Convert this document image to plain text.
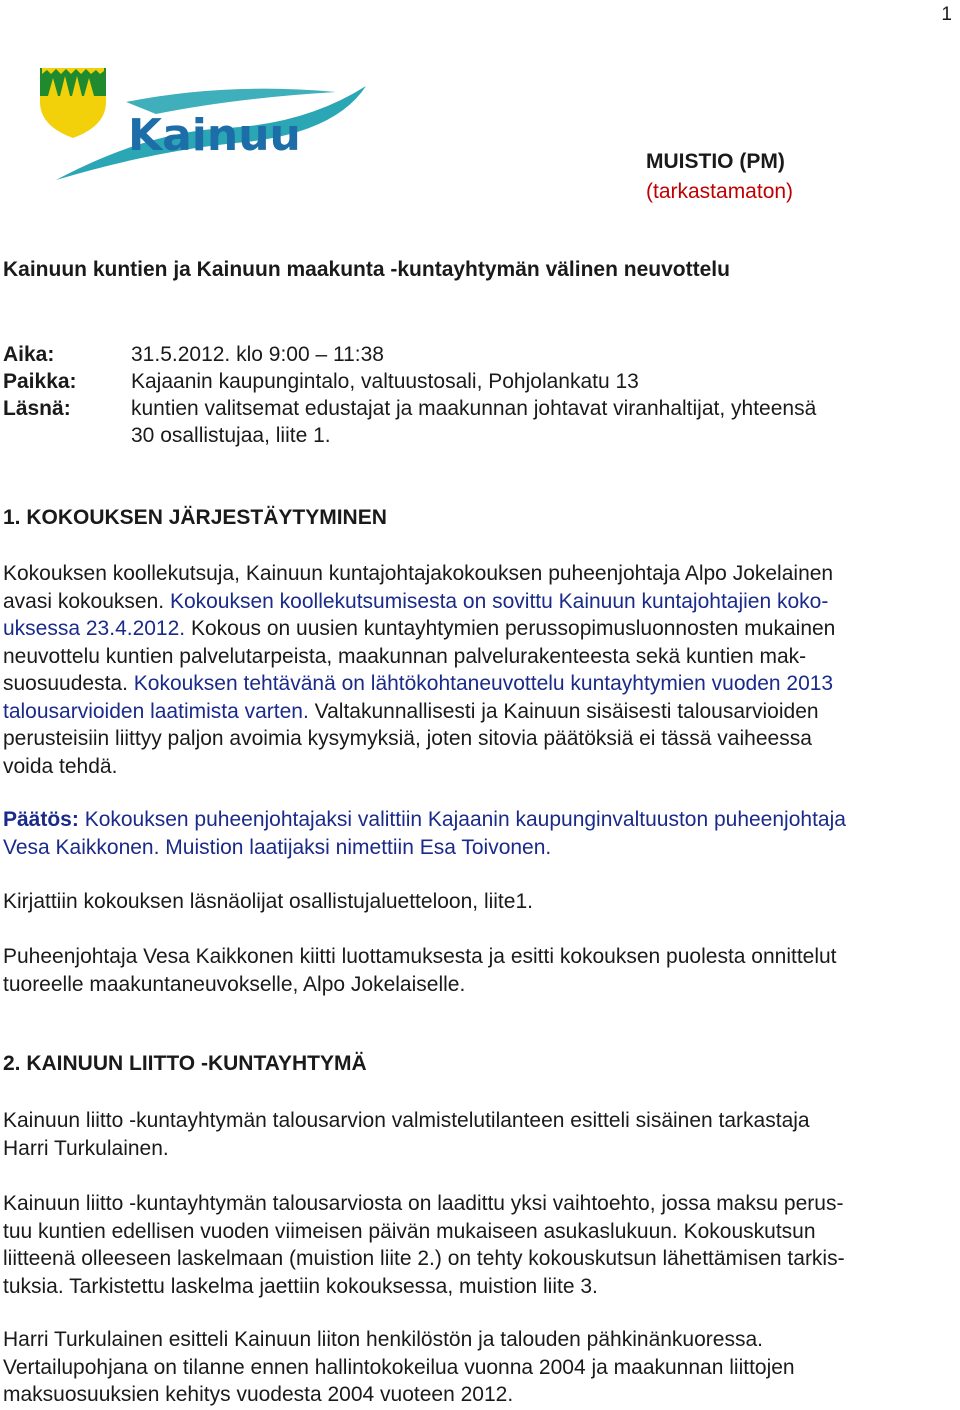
1
Kainuu
MUISTIO (PM)
(tarkastamaton)
Kainuun kuntien ja Kainuun maakunta -kuntayhtymän välinen neuvottelu
Aika:	31.5.2012. klo 9:00 – 11:38
Paikka:	Kajaanin kaupungintalo, valtuustosali, Pohjolankatu 13
Läsnä:	kuntien valitsemat edustajat ja maakunnan johtavat viranhaltijat, yhteensä 30 osallistujaa, liite 1.
1. KOKOUKSEN JÄRJESTÄYTYMINEN
Kokouksen koollekutsuja, Kainuun kuntajohtajakokouksen puheenjohtaja Alpo Jokelainen
avasi kokouksen. Kokouksen koollekutsumisesta on sovittu Kainuun kuntajohtajien koko-
uksessa 23.4.2012. Kokous on uusien kuntayhtymien perussopimusluonnosten mukainen
neuvottelu kuntien palvelutarpeista, maakunnan palvelurakenteesta sekä kuntien mak-
suosuudesta. Kokouksen tehtävänä on lähtökohtaneuvottelu kuntayhtymien vuoden 2013
talousarvioiden laatimista varten. Valtakunnallisesti ja Kainuun sisäisesti talousarvioiden
perusteisiin liittyy paljon avoimia kysymyksiä, joten sitovia päätöksiä ei tässä vaiheessa
voida tehdä.
Päätös: Kokouksen puheenjohtajaksi valittiin Kajaanin kaupunginvaltuuston puheenjohtaja
Vesa Kaikkonen. Muistion laatijaksi nimettiin Esa Toivonen.
Kirjattiin kokouksen läsnäolijat osallistujaluetteloon, liite1.
Puheenjohtaja Vesa Kaikkonen kiitti luottamuksesta ja esitti kokouksen puolesta onnittelut
tuoreelle maakuntaneuvokselle, Alpo Jokelaiselle.
2. KAINUUN LIITTO -KUNTAYHTYMÄ
Kainuun liitto -kuntayhtymän talousarvion valmistelutilanteen esitteli sisäinen tarkastaja
Harri Turkulainen.
Kainuun liitto -kuntayhtymän talousarviosta on laadittu yksi vaihtoehto, jossa maksu perus-
tuu kuntien edellisen vuoden viimeisen päivän mukaiseen asukaslukuun. Kokouskutsun
liitteenä olleeseen laskelmaan (muistion liite 2.) on tehty kokouskutsun lähettämisen tarkis-
tuksia. Tarkistettu laskelma jaettiin kokouksessa, muistion liite 3.
Harri Turkulainen esitteli Kainuun liiton henkilöstön ja talouden pähkinänkuoressa.
Vertailupohjana on tilanne ennen hallintokokeilua vuonna 2004 ja maakunnan liittojen
maksuosuuksien kehitys vuodesta 2004 vuoteen 2012.
